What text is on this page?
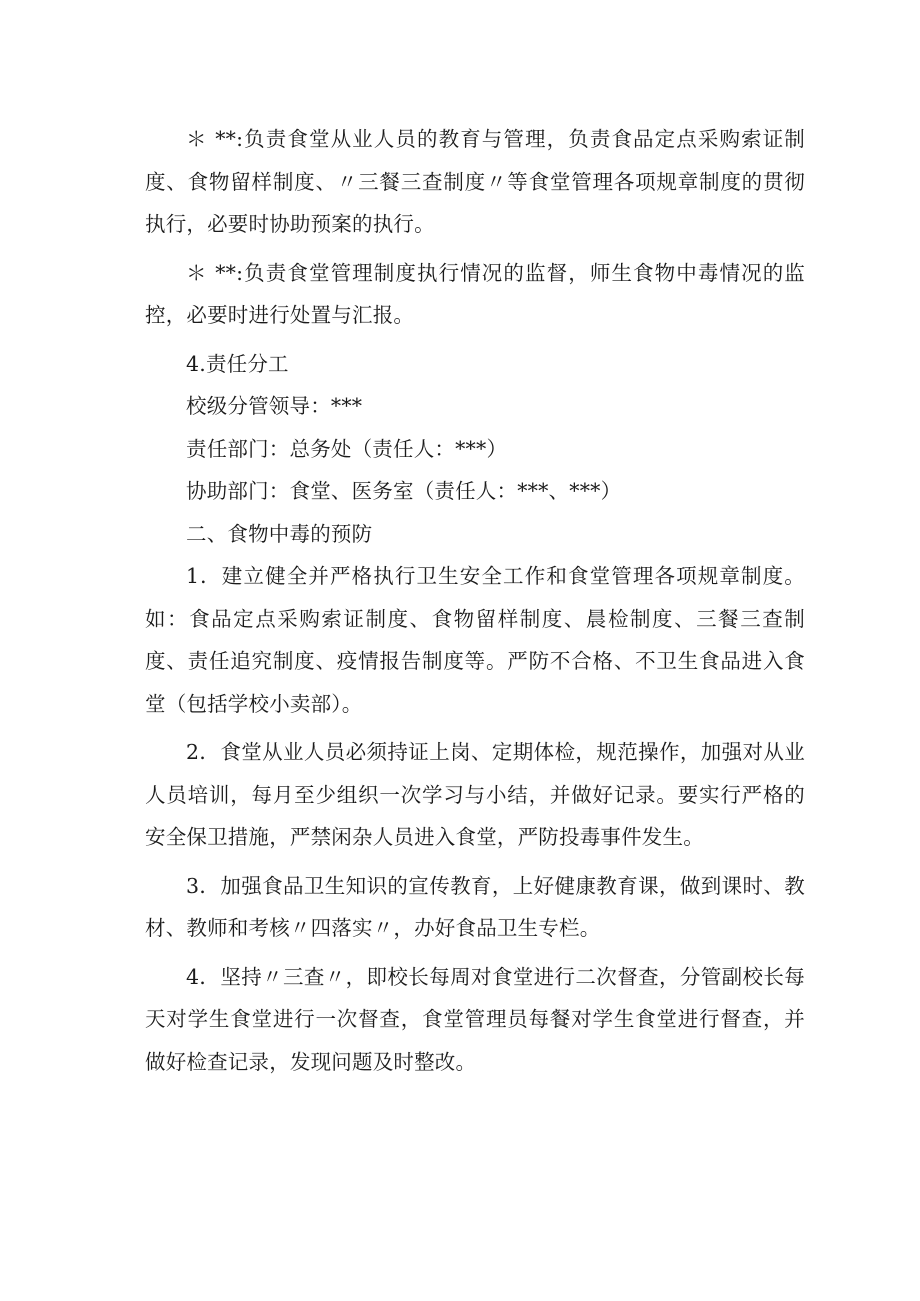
＊ **:负责食堂从业人员的教育与管理，负责食品定点采购索证制度、食物留样制度、〃三餐三查制度〃等食堂管理各项规章制度的贯彻执行，必要时协助预案的执行。

＊ **:负责食堂管理制度执行情况的监督，师生食物中毒情况的监控，必要时进行处置与汇报。

4.责任分工

校级分管领导：***

责任部门：总务处（责任人：***）

协助部门：食堂、医务室（责任人：***、***）

二、食物中毒的预防

1．建立健全并严格执行卫生安全工作和食堂管理各项规章制度。如：食品定点采购索证制度、食物留样制度、晨检制度、三餐三查制度、责任追究制度、疫情报告制度等。严防不合格、不卫生食品进入食堂（包括学校小卖部）。

2．食堂从业人员必须持证上岗、定期体检，规范操作，加强对从业人员培训，每月至少组织一次学习与小结，并做好记录。要实行严格的安全保卫措施，严禁闲杂人员进入食堂，严防投毒事件发生。

3．加强食品卫生知识的宣传教育，上好健康教育课，做到课时、教材、教师和考核〃四落实〃，办好食品卫生专栏。

4．坚持〃三查〃，即校长每周对食堂进行二次督查，分管副校长每天对学生食堂进行一次督查，食堂管理员每餐对学生食堂进行督查，并做好检查记录，发现问题及时整改。
